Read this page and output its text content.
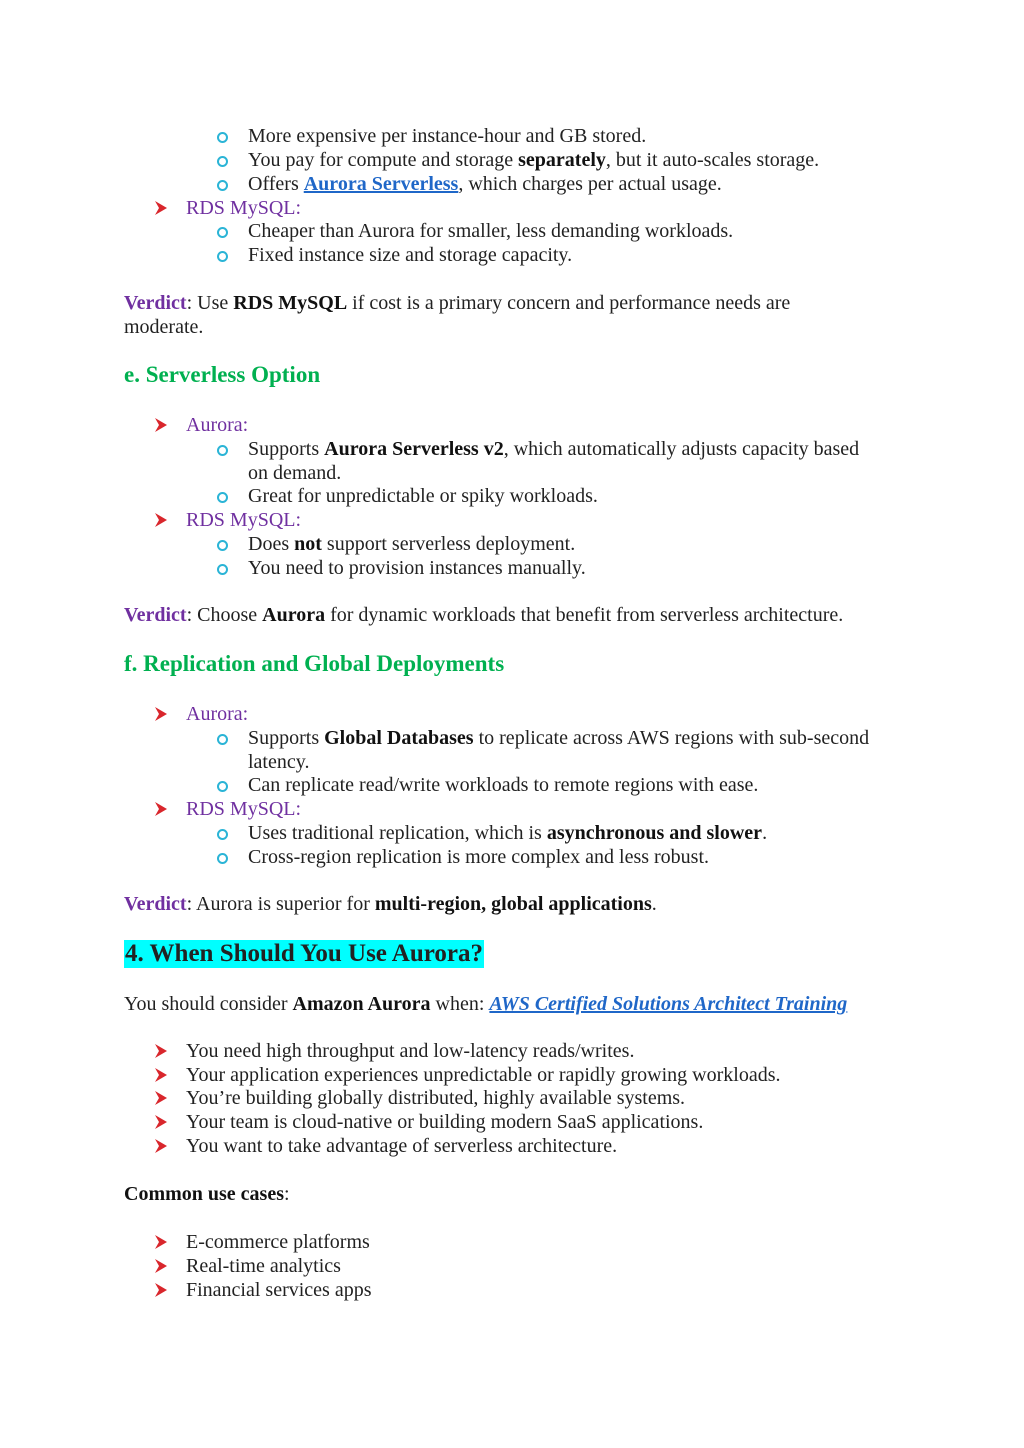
More expensive per instance-hour and GB stored.
You pay for compute and storage separately, but it auto-scales storage.
Offers Aurora Serverless, which charges per actual usage.
RDS MySQL:
Cheaper than Aurora for smaller, less demanding workloads.
Fixed instance size and storage capacity.
Verdict: Use RDS MySQL if cost is a primary concern and performance needs are
moderate.
e. Serverless Option
Aurora:
Supports Aurora Serverless v2, which automatically adjusts capacity based
on demand.
Great for unpredictable or spiky workloads.
RDS MySQL:
Does not support serverless deployment.
You need to provision instances manually.
Verdict: Choose Aurora for dynamic workloads that benefit from serverless architecture.
f. Replication and Global Deployments
Aurora:
Supports Global Databases to replicate across AWS regions with sub-second
latency.
Can replicate read/write workloads to remote regions with ease.
RDS MySQL:
Uses traditional replication, which is asynchronous and slower.
Cross-region replication is more complex and less robust.
Verdict: Aurora is superior for multi-region, global applications.
4. When Should You Use Aurora?
You should consider Amazon Aurora when: AWS Certified Solutions Architect Training
You need high throughput and low-latency reads/writes.
Your application experiences unpredictable or rapidly growing workloads.
You’re building globally distributed, highly available systems.
Your team is cloud-native or building modern SaaS applications.
You want to take advantage of serverless architecture.
Common use cases:
E-commerce platforms
Real-time analytics
Financial services apps
